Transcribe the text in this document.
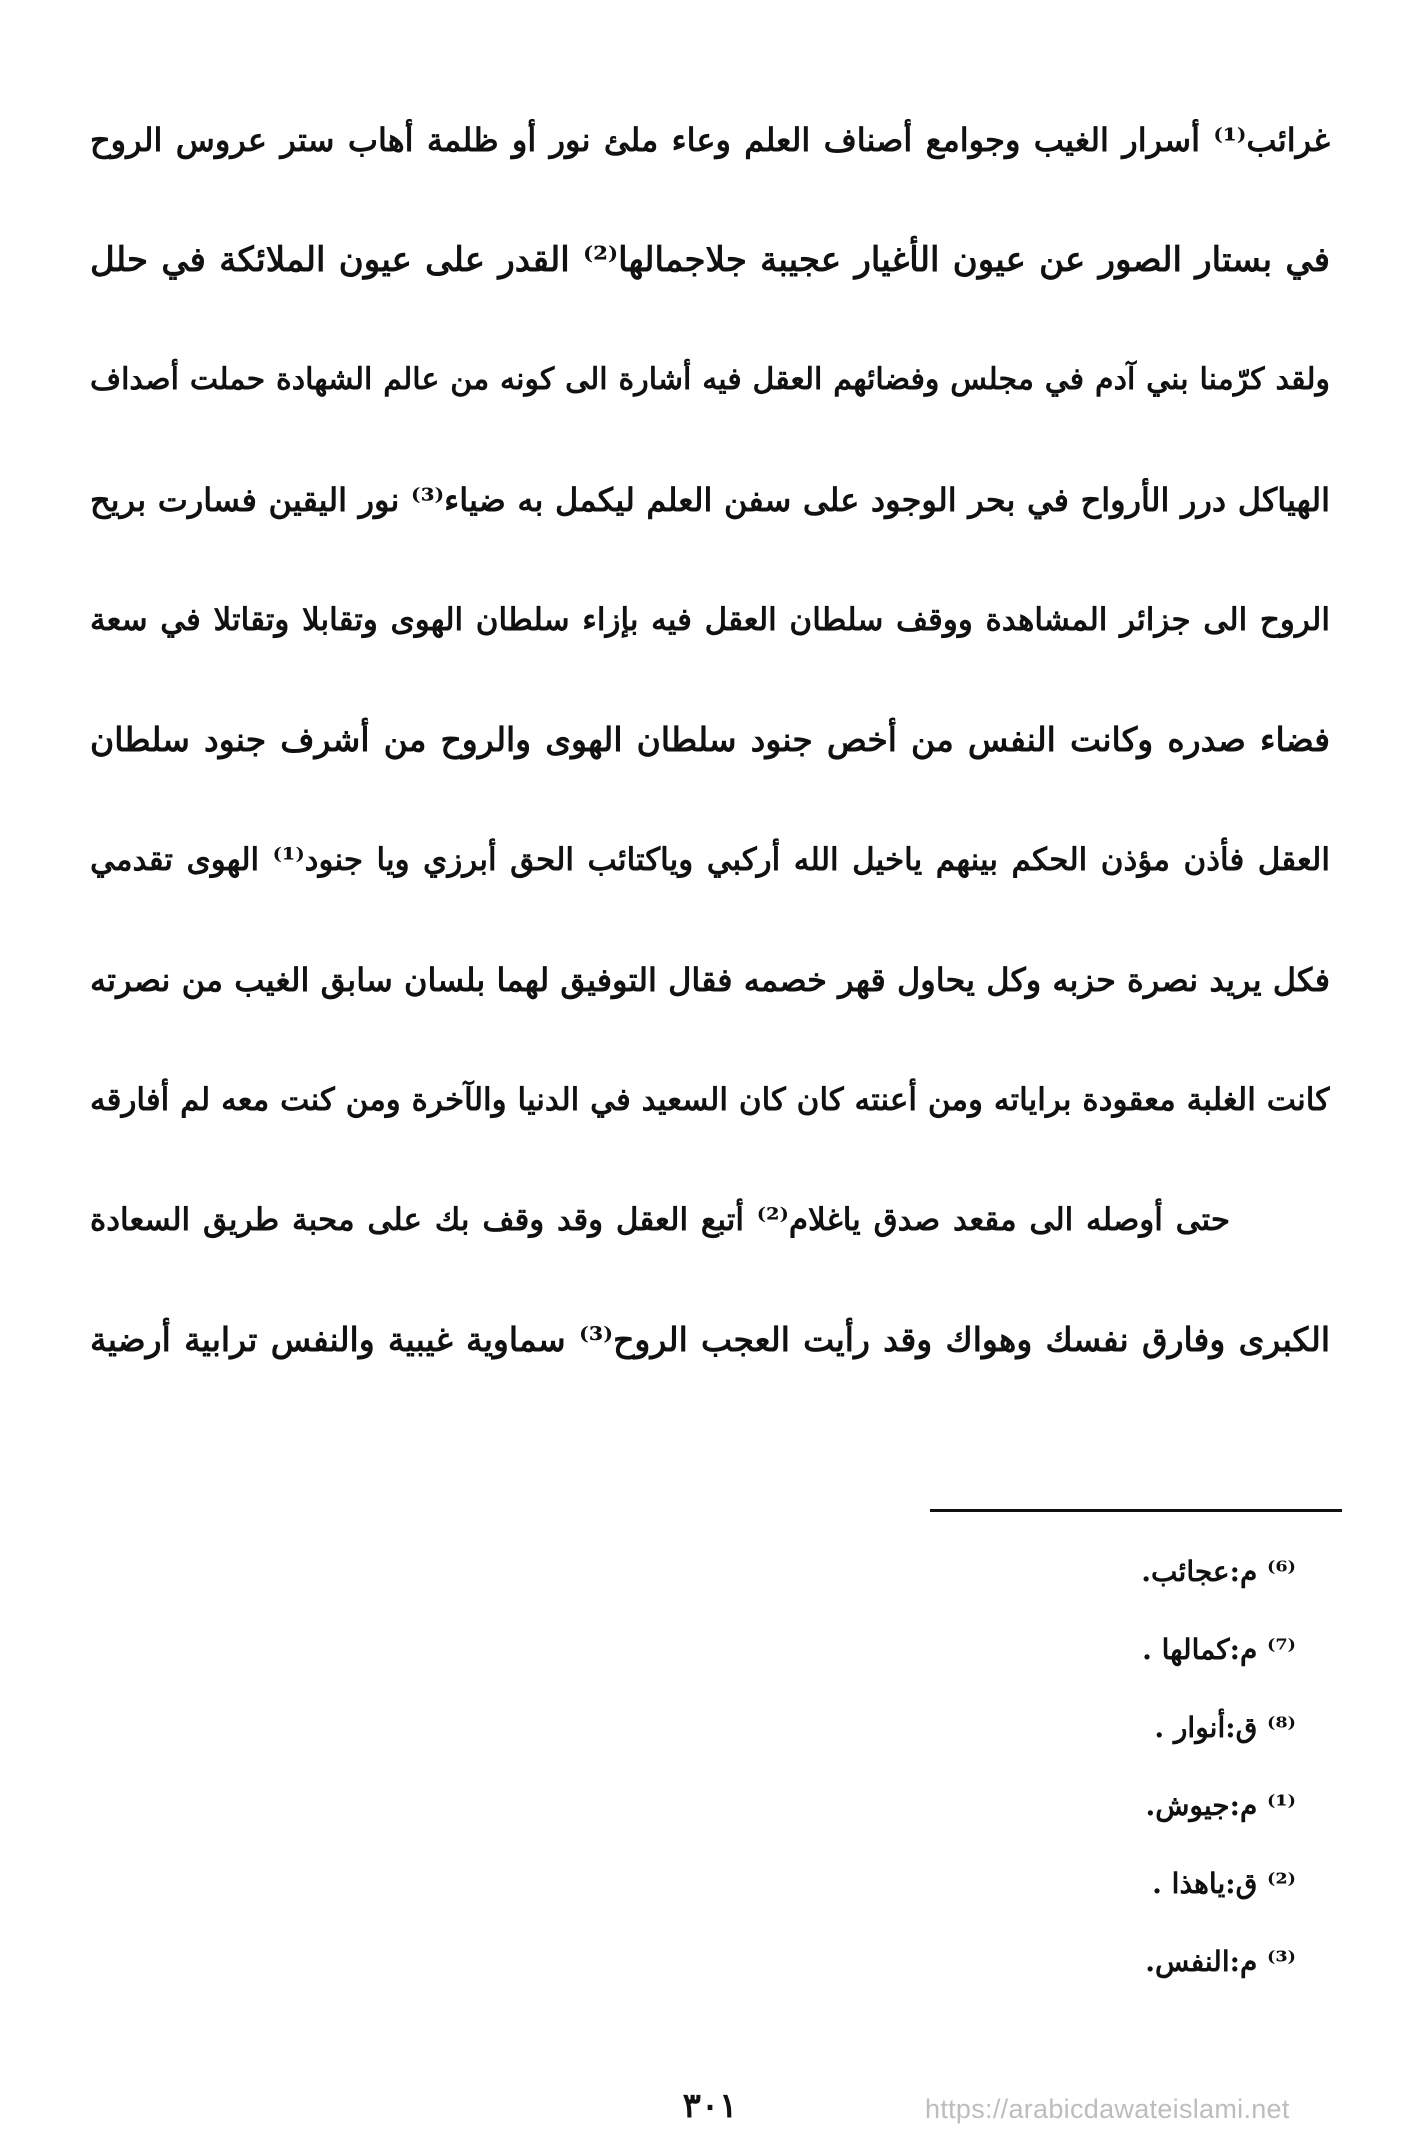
غرائب⁽¹⁾ أسرار الغيب وجوامع أصناف العلم وعاء ملئ نور أو ظلمة أهاب ستر عروس الروح
في بستار الصور عن عيون الأغيار عجيبة جلاجمالها⁽²⁾ القدر على عيون الملائكة في حلل
ولقد كرّمنا بني آدم في مجلس وفضائهم العقل فيه أشارة الى كونه من عالم الشهادة حملت أصداف
الهياكل درر الأرواح في بحر الوجود على سفن العلم ليكمل به ضياء⁽³⁾ نور اليقين فسارت بريح
الروح الى جزائر المشاهدة ووقف سلطان العقل فيه بإزاء سلطان الهوى وتقابلا وتقاتلا في سعة
فضاء صدره وكانت النفس من أخص جنود سلطان الهوى والروح من أشرف جنود سلطان
العقل فأذن مؤذن الحكم بينهم ياخيل الله أركبي وياكتائب الحق أبرزي ويا جنود⁽¹⁾ الهوى تقدمي
فكل يريد نصرة حزبه وكل يحاول قهر خصمه فقال التوفيق لهما بلسان سابق الغيب من نصرته
كانت الغلبة معقودة براياته ومن أعنته كان كان السعيد في الدنيا والآخرة ومن كنت معه لم أفارقه
حتى أوصله الى مقعد صدق ياغلام⁽²⁾ أتبع العقل وقد وقف بك على محبة طريق السعادة
الكبرى وفارق نفسك وهواك وقد رأيت العجب الروح⁽³⁾ سماوية غيبية والنفس ترابية أرضية
⁽⁶⁾ م:عجائب.
⁽⁷⁾ م:كمالها .
⁽⁸⁾ ق:أنوار .
⁽¹⁾ م:جيوش.
⁽²⁾ ق:ياهذا .
⁽³⁾ م:النفس.
٣٠١	https://arabicdawateislami.net
